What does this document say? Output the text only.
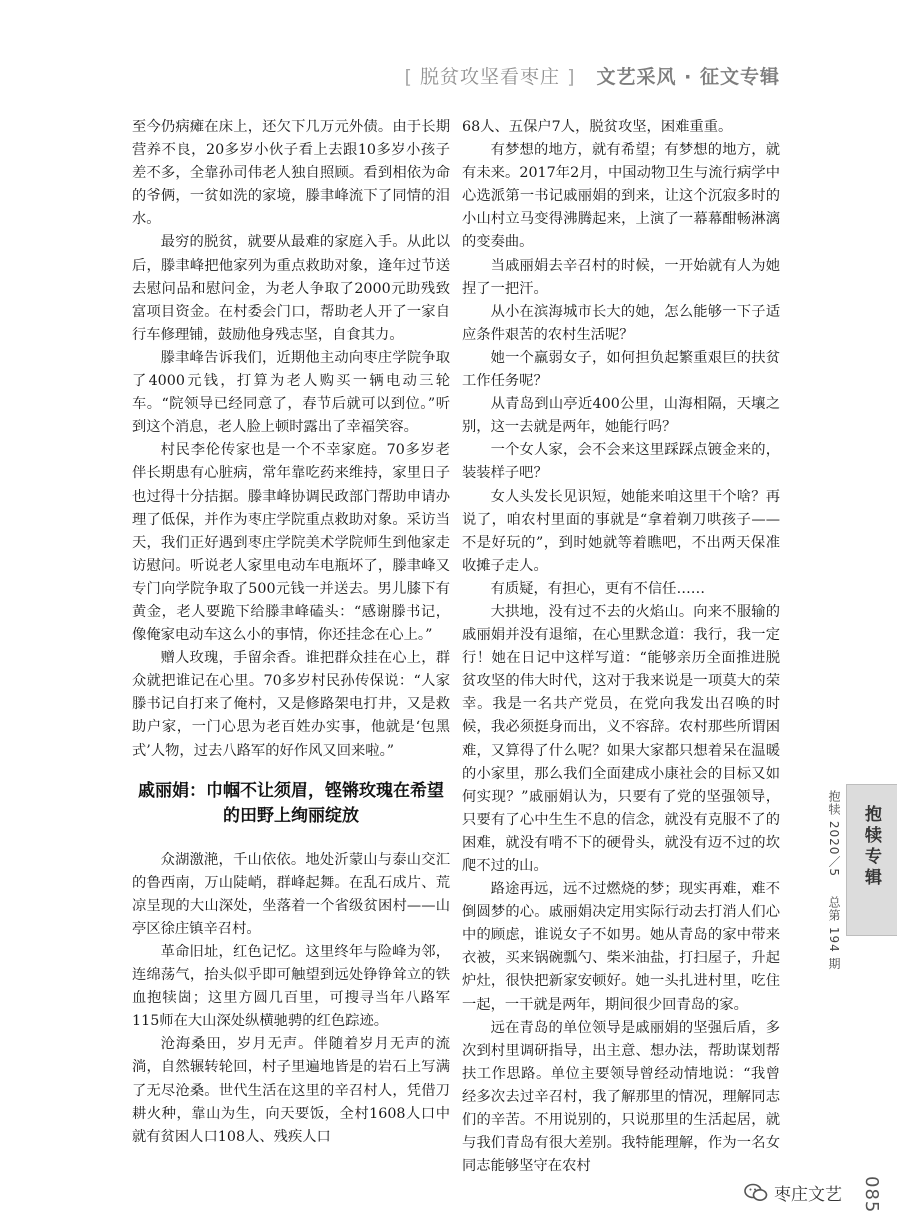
[ 脱贫攻坚看枣庄 ] 文艺采风 · 征文专辑

至今仍病瘫在床上，还欠下几万元外债。由于长期营养不良，20多岁小伙子看上去跟10多岁小孩子差不多，全靠孙司伟老人独自照顾。看到相依为命的爷俩，一贫如洗的家境，滕聿峰流下了同情的泪水。

最穷的脱贫，就要从最难的家庭入手。从此以后，滕聿峰把他家列为重点救助对象，逢年过节送去慰问品和慰问金，为老人争取了2000元助残致富项目资金。在村委会门口，帮助老人开了一家自行车修理铺，鼓励他身残志坚，自食其力。

滕聿峰告诉我们，近期他主动向枣庄学院争取了4000元钱，打算为老人购买一辆电动三轮车。“院领导已经同意了，春节后就可以到位。”听到这个消息，老人脸上顿时露出了幸福笑容。

村民李伦传家也是一个不幸家庭。70多岁老伴长期患有心脏病，常年靠吃药来维持，家里日子也过得十分拮据。滕聿峰协调民政部门帮助申请办理了低保，并作为枣庄学院重点救助对象。采访当天，我们正好遇到枣庄学院美术学院师生到他家走访慰问。听说老人家里电动车电瓶坏了，滕聿峰又专门向学院争取了500元钱一并送去。男儿膝下有黄金，老人要跪下给滕聿峰磕头：“感谢滕书记，像俺家电动车这么小的事情，你还挂念在心上。”

赠人玫瑰，手留余香。谁把群众挂在心上，群众就把谁记在心里。70多岁村民孙传保说：“人家滕书记自打来了俺村，又是修路架电打井，又是救助户家，一门心思为老百姓办实事，他就是‘包黑式’人物，过去八路军的好作风又回来啦。”

戚丽娟：巾帼不让须眉，铿锵玫瑰在希望的田野上绚丽绽放

众湖激滟，千山依依。地处沂蒙山与泰山交汇的鲁西南，万山陡峭，群峰起舞。在乱石成片、荒凉呈现的大山深处，坐落着一个省级贫困村——山亭区徐庄镇辛召村。

革命旧址，红色记忆。这里终年与险峰为邻，连绵荡气，抬头似乎即可触望到远处铮铮耸立的铁血抱犊崮；这里方圆几百里，可搜寻当年八路军115师在大山深处纵横驰骋的红色踪迹。

沧海桑田，岁月无声。伴随着岁月无声的流淌，自然辗转轮回，村子里遍地皆是的岩石上写满了无尽沧桑。世代生活在这里的辛召村人，凭借刀耕火种，靠山为生，向天要饭，全村1608人口中就有贫困人口108人、残疾人口

68人、五保户7人，脱贫攻坚，困难重重。

有梦想的地方，就有希望；有梦想的地方，就有未来。2017年2月，中国动物卫生与流行病学中心选派第一书记戚丽娟的到来，让这个沉寂多时的小山村立马变得沸腾起来，上演了一幕幕酣畅淋漓的变奏曲。

当戚丽娟去辛召村的时候，一开始就有人为她捏了一把汗。

从小在滨海城市长大的她，怎么能够一下子适应条件艰苦的农村生活呢？

她一个羸弱女子，如何担负起繁重艰巨的扶贫工作任务呢？

从青岛到山亭近400公里，山海相隔，天壤之别，这一去就是两年，她能行吗？

一个女人家，会不会来这里踩踩点镀金来的，装装样子吧？

女人头发长见识短，她能来咱这里干个啥？再说了，咱农村里面的事就是“拿着剃刀哄孩子——不是好玩的”，到时她就等着瞧吧，不出两天保准收摊子走人。

有质疑，有担心，更有不信任……

大拱地，没有过不去的火焰山。向来不服输的戚丽娟并没有退缩，在心里默念道：我行，我一定行！她在日记中这样写道：“能够亲历全面推进脱贫攻坚的伟大时代，这对于我来说是一项莫大的荣幸。我是一名共产党员，在党向我发出召唤的时候，我必须挺身而出，义不容辞。农村那些所谓困难，又算得了什么呢？如果大家都只想着呆在温暖的小家里，那么我们全面建成小康社会的目标又如何实现？”戚丽娟认为，只要有了党的坚强领导，只要有了心中生生不息的信念，就没有克服不了的困难，就没有啃不下的硬骨头，就没有迈不过的坎爬不过的山。

路途再远，远不过燃烧的梦；现实再难，难不倒圆梦的心。戚丽娟决定用实际行动去打消人们心中的顾虑，谁说女子不如男。她从青岛的家中带来衣被，买来锅碗瓢勺、柴米油盐，打扫屋子，升起炉灶，很快把新家安顿好。她一头扎进村里，吃住一起，一干就是两年，期间很少回青岛的家。

远在青岛的单位领导是戚丽娟的坚强后盾，多次到村里调研指导，出主意、想办法，帮助谋划帮扶工作思路。单位主要领导曾经动情地说：“我曾经多次去过辛召村，我了解那里的情况，理解同志们的辛苦。不用说别的，只说那里的生活起居，就与我们青岛有很大差别。我特能理解，作为一名女同志能够坚守在农村

抱犊 2020／5 总第 194 期
抱犊专辑
085
枣庄文艺
